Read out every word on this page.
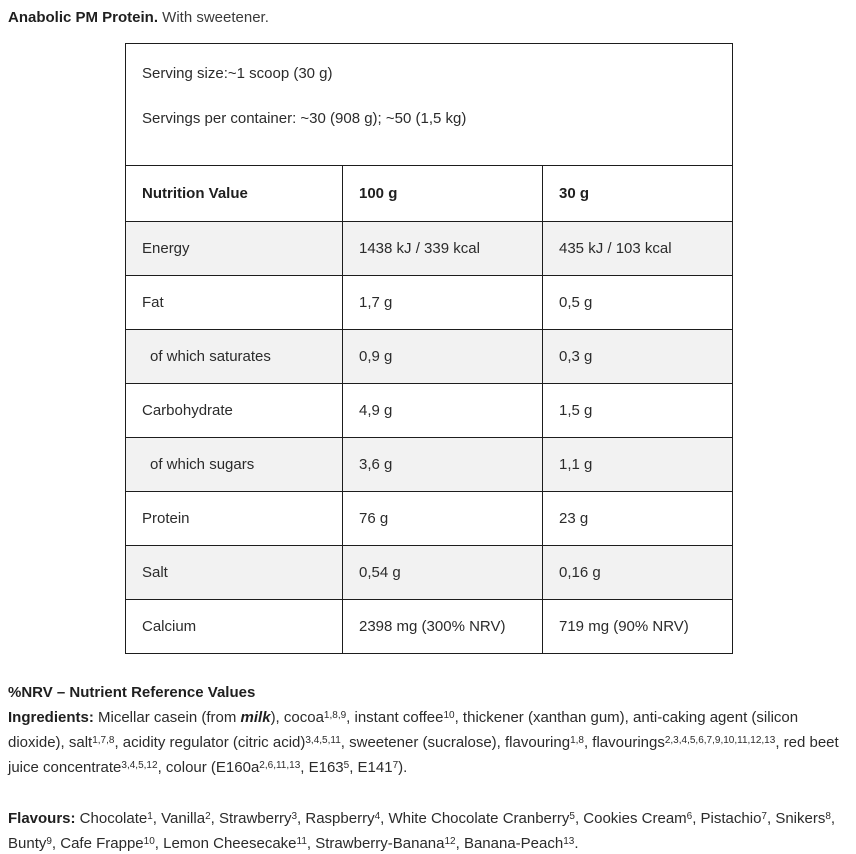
Anabolic PM Protein. With sweetener.

Serving size:~1 scoop (30 g)

Servings per container: ~30 (908 g); ~50 (1,5 kg)		

Nutrition Value	100 g	30 g
Energy	1438 kJ / 339 kcal	435 kJ / 103 kcal
Fat	1,7 g	0,5 g
of which saturates	0,9 g	0,3 g
Carbohydrate	4,9 g	1,5 g
of which sugars	3,6 g	1,1 g
Protein	76 g	23 g
Salt	0,54 g	0,16 g
Calcium	2398 mg (300% NRV)	719 mg (90% NRV)

%NRV – Nutrient Reference Values

Ingredients: Micellar casein (from milk), cocoa$^{1,8,9}$, instant coffee$^{10}$, thickener (xanthan gum), anti-caking agent (silicon dioxide), salt$^{1,7,8}$, acidity regulator (citric acid)$^{3,4,5,11}$, sweetener (sucralose), flavouring$^{1,8}$, flavourings$^{2,3,4,5,6,7,9,10,11,12,13}$, red beet juice concentrate$^{3,4,5,12}$, colour ($E160a^{2,6,11,13}$, $E163^5$, $E141^7$).

Flavours: Chocolate$^1$, Vanilla$^2$, Strawberry$^3$, Raspberry$^4$, White Chocolate Cranberry$^5$, Cookies Cream$^6$, Pistachio$^7$, Snikers$^8$, Bunty$^9$, Cafe Frappe$^{10}$, Lemon Cheesecake$^{11}$, Strawberry-Banana$^{12}$, Banana-Peach$^{13}$.
